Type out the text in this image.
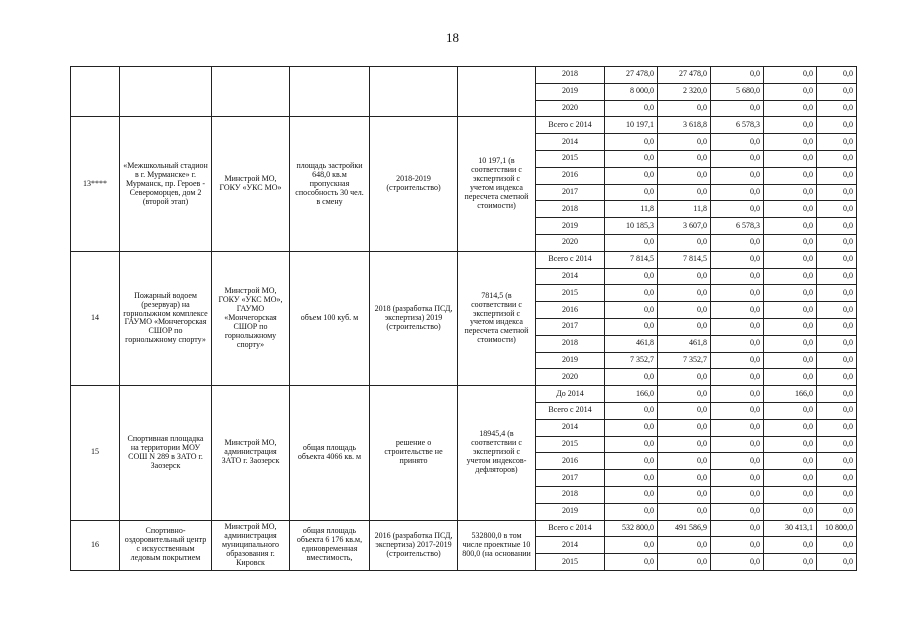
18
						2018	27 478,0	27 478,0	0,0	0,0	0,0
						2019	8 000,0	2 320,0	5 680,0	0,0	0,0
						2020	0,0	0,0	0,0	0,0	0,0
13****	«Межшкольный стадион в г. Мурманске» г. Мурманск, пр. Героев - Североморцев, дом 2 (второй этап)	Минстрой МО, ГОКУ «УКС МО»	площадь застройки 648,0 кв.м пропускная способность 30 чел. в смену	2018-2019 (строительство)	10 197,1 (в соответствии с экспертизой с учетом индекса пересчета сметной стоимости)	Всего с 2014	10 197,1	3 618,8	6 578,3	0,0	0,0
						2014	0,0	0,0	0,0	0,0	0,0
						2015	0,0	0,0	0,0	0,0	0,0
						2016	0,0	0,0	0,0	0,0	0,0
						2017	0,0	0,0	0,0	0,0	0,0
						2018	11,8	11,8	0,0	0,0	0,0
						2019	10 185,3	3 607,0	6 578,3	0,0	0,0
						2020	0,0	0,0	0,0	0,0	0,0
14	Пожарный водоем (резервуар) на горнолыжном комплексе ГАУМО «Мончегорская СШОР по горнолыжному спорту»	Минстрой МО, ГОКУ «УКС МО», ГАУМО «Мончегорская СШОР по горнолыжному спорту»	объем 100 куб. м	2018 (разработка ПСД, экспертиза) 2019 (строительство)	7814,5 (в соответствии с экспертизой с учетом индекса пересчета сметной стоимости)	Всего с 2014	7 814,5	7 814,5	0,0	0,0	0,0
						2014	0,0	0,0	0,0	0,0	0,0
						2015	0,0	0,0	0,0	0,0	0,0
						2016	0,0	0,0	0,0	0,0	0,0
						2017	0,0	0,0	0,0	0,0	0,0
						2018	461,8	461,8	0,0	0,0	0,0
						2019	7 352,7	7 352,7	0,0	0,0	0,0
						2020	0,0	0,0	0,0	0,0	0,0
15	Спортивная площадка на территории МОУ СОШ N 289 в ЗАТО г. Заозерск	Минстрой МО, администрация ЗАТО г. Заозерск	общая площадь объекта 4066 кв. м	решение о строительстве не принято	18945,4 (в соответствии с экспертизой с учетом индексов-дефляторов)	До 2014	166,0	0,0	0,0	166,0	0,0
						Всего с 2014	0,0	0,0	0,0	0,0	0,0
						2014	0,0	0,0	0,0	0,0	0,0
						2015	0,0	0,0	0,0	0,0	0,0
						2016	0,0	0,0	0,0	0,0	0,0
						2017	0,0	0,0	0,0	0,0	0,0
						2018	0,0	0,0	0,0	0,0	0,0
						2019	0,0	0,0	0,0	0,0	0,0
16	Спортивно-оздоровительный центр с искусственным ледовым покрытием	Минстрой МО, администрация муниципального образования г. Кировск	общая площадь объекта 6 176 кв.м, единовременная вместимость,	2016 (разработка ПСД, экспертиза) 2017-2019 (строительство)	532800,0 в том числе проектные 10 800,0 (на основании	Всего с 2014	532 800,0	491 586,9	0,0	30 413,1	10 800,0
						2014	0,0	0,0	0,0	0,0	0,0
						2015	0,0	0,0	0,0	0,0	0,0
